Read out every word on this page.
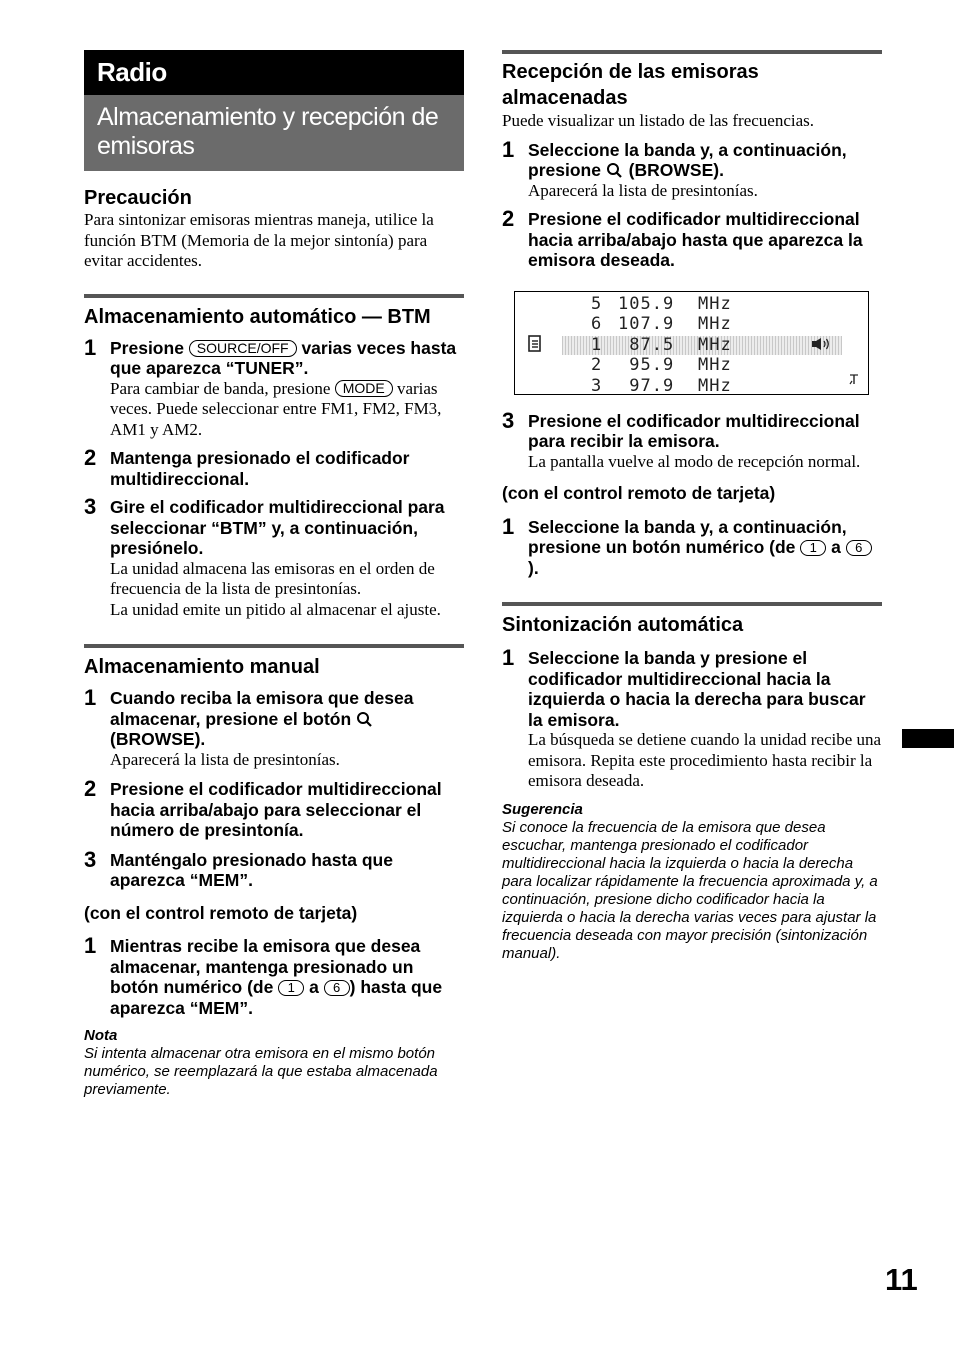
Radio
Almacenamiento y recepción de emisoras
Precaución

Para sintonizar emisoras mientras maneja, utilice la función BTM (Memoria de la mejor sintonía) para evitar accidentes.

Almacenamiento automático — BTM
1 Presione SOURCE/OFF varias veces hasta que aparezca “TUNER”.

Para cambiar de banda, presione MODE varias veces. Puede seleccionar entre FM1, FM2, FM3, AM1 y AM2.

2 Mantenga presionado el codificador multidireccional.

3 Gire el codificador multidireccional para seleccionar “BTM” y, a continuación, presiónelo.

La unidad almacena las emisoras en el orden de frecuencia de la lista de presintonías.

La unidad emite un pitido al almacenar el ajuste.

Almacenamiento manual
1 Cuando reciba la emisora que desea almacenar, presione el botón (BROWSE).

Aparecerá la lista de presintonías.

2 Presione el codificador multidireccional hacia arriba/abajo para seleccionar el número de presintonía.

3 Manténgalo presionado hasta que aparezca “MEM”.

(con el control remoto de tarjeta)

1 Mientras recibe la emisora que desea almacenar, mantenga presionado un botón numérico (de 1 a 6 ) hasta que aparezca “MEM”.

Nota

Si intenta almacenar otra emisora en el mismo botón numérico, se reemplazará la que estaba almacenada previamente.

Recepción de las emisoras almacenadas

Puede visualizar un listado de las frecuencias.

1 Seleccione la banda y, a continuación, presione  (BROWSE).

Aparecerá la lista de presintonías.

2 Presione el codificador multidireccional hacia arriba/abajo hasta que aparezca la emisora deseada.

3 97.9 MHz
2 95.9 MHz
1 87.5 MHz
6 107.9 MHz
5 105.9 MHz
3 Presione el codificador multidireccional para recibir la emisora.

La pantalla vuelve al modo de recepción normal.

(con el control remoto de tarjeta)

1 Seleccione la banda y, a continuación, presione un botón numérico (de 1 a 6).

Sintonización automática
1 Seleccione la banda y presione el codificador multidireccional hacia la izquierda o hacia la derecha para buscar la emisora.

La búsqueda se detiene cuando la unidad recibe una emisora. Repita este procedimiento hasta recibir la emisora deseada.

Sugerencia

Si conoce la frecuencia de la emisora que desea escuchar, mantenga presionado el codificador multidireccional hacia la izquierda o hacia la derecha para localizar rápidamente la frecuencia aproximada y, a continuación, presione dicho codificador hacia la izquierda o hacia la derecha varias veces para ajustar la frecuencia deseada con mayor precisión (sintonización manual).

11
